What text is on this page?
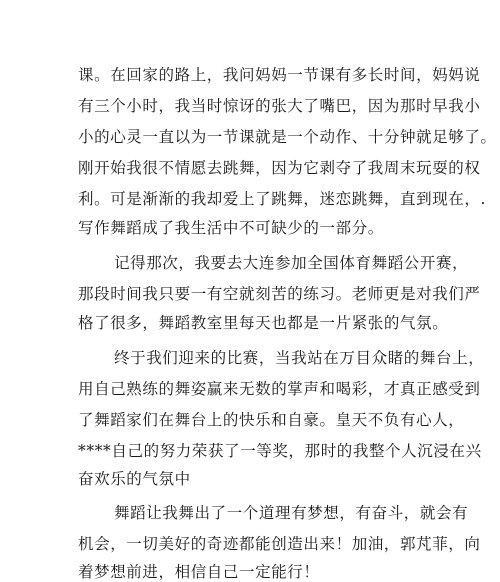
课。在回家的路上，我问妈妈一节课有多长时间，妈妈说
有三个小时，我当时惊讶的张大了嘴巴，因为那时早我小
小的心灵一直以为一节课就是一个动作、十分钟就足够了。
刚开始我很不情愿去跳舞，因为它剥夺了我周末玩耍的权
利。可是渐渐的我却爱上了跳舞，迷恋跳舞，直到现在，.
写作舞蹈成了我生活中不可缺少的一部分。
记得那次，我要去大连参加全国体育舞蹈公开赛，
那段时间我只要一有空就刻苦的练习。老师更是对我们严
格了很多，舞蹈教室里每天也都是一片紧张的气氛。
终于我们迎来的比赛，当我站在万目众睹的舞台上，
用自己熟练的舞姿赢来无数的掌声和喝彩，才真正感受到
了舞蹈家们在舞台上的快乐和自豪。皇天不负有心人，
****自己的努力荣获了一等奖，那时的我整个人沉浸在兴
奋欢乐的气氛中
舞蹈让我舞出了一个道理有梦想，有奋斗，就会有
机会，一切美好的奇迹都能创造出来！加油，郭芃菲，向
着梦想前进，相信自己一定能行！
